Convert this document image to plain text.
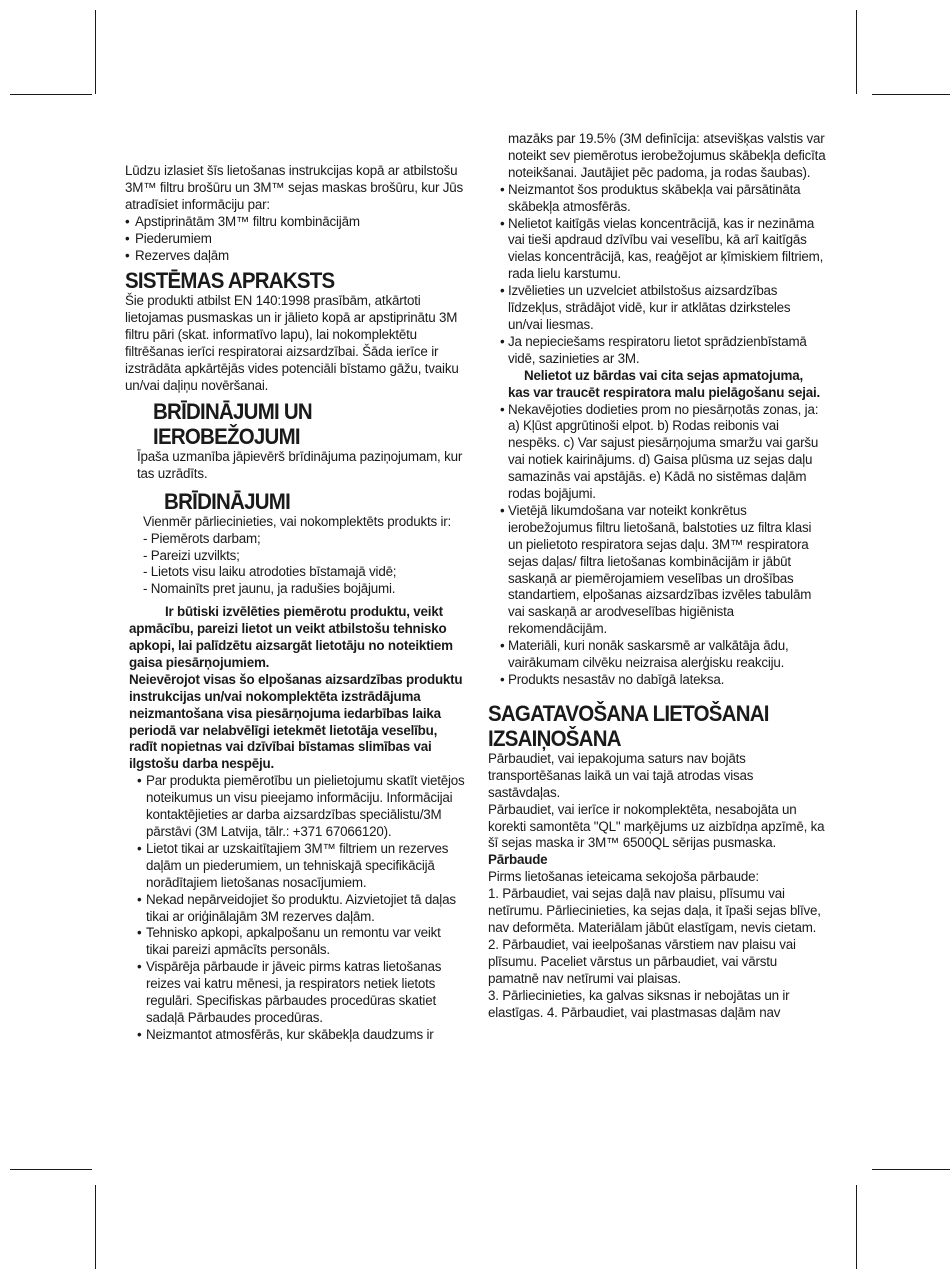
Lūdzu izlasiet šīs lietošanas instrukcijas kopā ar atbilstošu 3M™ filtru brošūru un 3M™ sejas maskas brošūru, kur Jūs atradīsiet informāciju par:

• Apstiprinātām 3M™ filtru kombinācijām
• Piederumiem
• Rezerves daļām
SISTĒMAS APRAKSTS

Šie produkti atbilst EN 140:1998 prasībām, atkārtoti lietojamas pusmaskas un ir jālieto kopā ar apstiprinātu 3M filtru pāri (skat. informatīvo lapu), lai nokomplektētu filtrēšanas ierīci respiratorai aizsardzībai. Šāda ierīce ir izstrādāta apkārtējās vides potenciāli bīstamo gāžu, tvaiku un/vai daļiņu novēršanai.

BRĪDINĀJUMI UN
IEROBEŽOJUMI

Īpaša uzmanība jāpievērš brīdinājuma paziņojumam, kur tas uzrādīts.

BRĪDINĀJUMI

Vienmēr pārliecinieties, vai nokomplektēts produkts ir:

- Piemērots darbam;
- Pareizi uzvilkts;
- Lietots visu laiku atrodoties bīstamajā vidē;
- Nomainīts pret jaunu, ja radušies bojājumi.

Ir būtiski izvēlēties piemērotu produktu, veikt apmācību, pareizi lietot un veikt atbilstošu tehnisko apkopi, lai palīdzētu aizsargāt lietotāju no noteiktiem gaisa piesārņojumiem.

Neievērojot visas šo elpošanas aizsardzības produktu instrukcijas un/vai nokomplektēta izstrādājuma neizmantošana visa piesārņojuma iedarbības laika periodā var nelabvēlīgi ietekmēt lietotāja veselību, radīt nopietnas vai dzīvībai bīstamas slimības vai ilgstošu darba nespēju.

• Par produkta piemērotību un pielietojumu skatīt vietējos noteikumus un visu pieejamo informāciju. Informācijai kontaktējieties ar darba aizsardzības speciālistu/3M pārstāvi (3M Latvija, tālr.: +371 67066120).
• Lietot tikai ar uzskaitītajiem 3M™ filtriem un rezerves daļām un piederumiem, un tehniskajā specifikācijā norādītajiem lietošanas nosacījumiem.
• Nekad nepārveidojiet šo produktu. Aizvietojiet tā daļas tikai ar oriģinālajām 3M rezerves daļām.
• Tehnisko apkopi, apkalpošanu un remontu var veikt tikai pareizi apmācīts personāls.
• Vispārēja pārbaude ir jāveic pirms katras lietošanas reizes vai katru mēnesi, ja respirators netiek lietots regulāri. Specifiskas pārbaudes procedūras skatiet sadaļā Pārbaudes procedūras.
• Neizmantot atmosfērās, kur skābekļa daudzums ir

mazāks par 19.5% (3M definīcija: atsevišķas valstis var noteikt sev piemērotus ierobežojumus skābekļa deficīta noteikšanai. Jautājiet pēc padoma, ja rodas šaubas).

• Neizmantot šos produktus skābekļa vai pārsātināta skābekļa atmosfērās.
• Nelietot kaitīgās vielas koncentrācijā, kas ir nezināma vai tieši apdraud dzīvību vai veselību, kā arī kaitīgās vielas koncentrācijā, kas, reaģējot ar ķīmiskiem filtriem, rada lielu karstumu.
• Izvēlieties un uzvelciet atbilstošus aizsardzības līdzekļus, strādājot vidē, kur ir atklātas dzirksteles un/vai liesmas.
• Ja nepieciešams respiratoru lietot sprādzienbīstamā vidē, sazinieties ar 3M.

Nelietot uz bārdas vai cita sejas apmatojuma, kas var traucēt respiratora malu pielāgošanu sejai.

• Nekavējoties dodieties prom no piesārņotās zonas, ja:

a) Kļūst apgrūtinoši elpot. b) Rodas reibonis vai nespēks. c) Var sajust piesārņojuma smaržu vai garšu vai notiek kairinājums. d) Gaisa plūsma uz sejas daļu samazinās vai apstājās. e) Kādā no sistēmas daļām rodas bojājumi.

• Vietējā likumdošana var noteikt konkrētus ierobežojumus filtru lietošanā, balstoties uz filtra klasi un pielietoto respiratora sejas daļu. 3M™ respiratora sejas daļas/ filtra lietošanas kombinācijām ir jābūt saskaņā ar piemērojamiem veselības un drošības standartiem, elpošanas aizsardzības izvēles tabulām vai saskaņā ar arodveselības higiēnista rekomendācijām.
• Materiāli, kuri nonāk saskarsmē ar valkātāja ādu, vairākumam cilvēku neizraisa alerģisku reakciju.
• Produkts nesastāv no dabīgā lateksa.
SAGATAVOŠANA LIETOŠANAI
IZSAIŅOŠANA

Pārbaudiet, vai iepakojuma saturs nav bojāts transportēšanas laikā un vai tajā atrodas visas sastāvdaļas.

Pārbaudiet, vai ierīce ir nokomplektēta, nesabojāta un korekti samontēta "QL" marķējums uz aizbīdņa apzīmē, ka šī sejas maska ir 3M™ 6500QL sērijas pusmaska.

Pārbaude

Pirms lietošanas ieteicama sekojoša pārbaude:

1. Pārbaudiet, vai sejas daļā nav plaisu, plīsumu vai netīrumu. Pārliecinieties, ka sejas daļa, it īpaši sejas blīve, nav deformēta. Materiālam jābūt elastīgam, nevis cietam.

2. Pārbaudiet, vai ieelpošanas vārstiem nav plaisu vai plīsumu. Paceliet vārstus un pārbaudiet, vai vārstu pamatnē nav netīrumi vai plaisas.

3. Pārliecinieties, ka galvas siksnas ir nebojātas un ir elastīgas. 4. Pārbaudiet, vai plastmasas daļām nav
